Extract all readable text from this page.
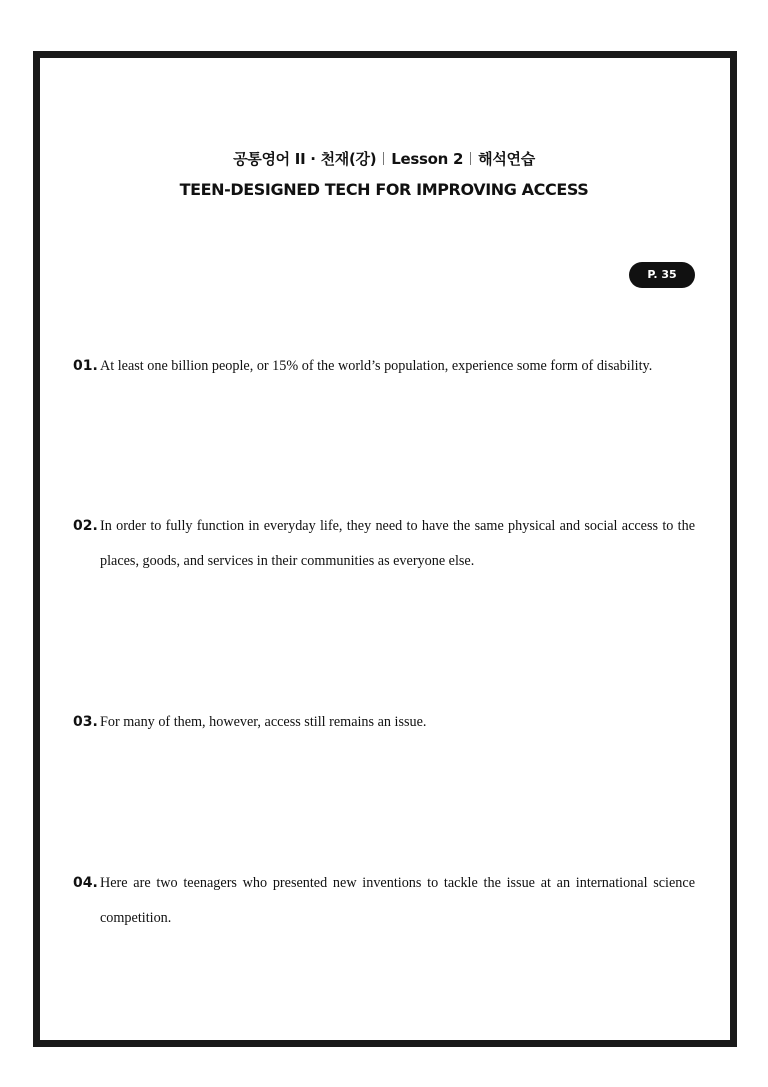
공통영어 II · 천재(강) Lesson 2 해석연습
TEEN-DESIGNED TECH FOR IMPROVING ACCESS
P. 35
01. At least one billion people, or 15% of the world’s population, experience some form of disability.
02. In order to fully function in everyday life, they need to have the same physical and social access to the places, goods, and services in their communities as everyone else.
03. For many of them, however, access still remains an issue.
04. Here are two teenagers who presented new inventions to tackle the issue at an international science competition.
